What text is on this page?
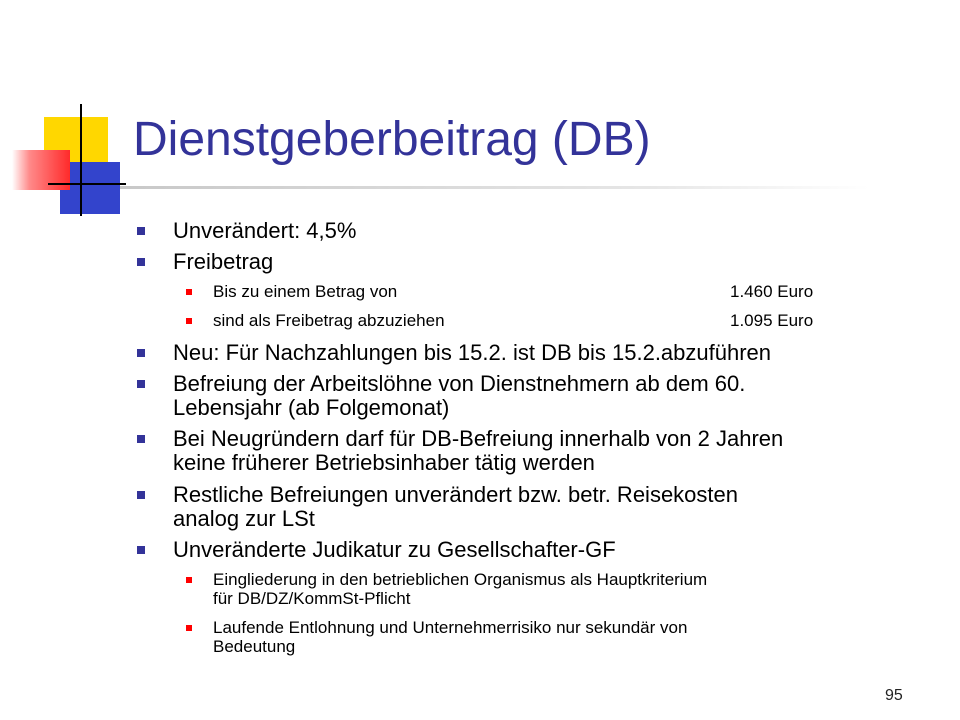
Dienstgeberbeitrag (DB)
Unverändert: 4,5%
Freibetrag
Bis zu einem Betrag von	1.460 Euro
sind als Freibetrag abzuziehen	1.095 Euro
Neu: Für Nachzahlungen bis 15.2. ist DB bis 15.2.abzuführen
Befreiung der Arbeitslöhne von Dienstnehmern ab dem 60.
Lebensjahr (ab Folgemonat)
Bei Neugründern darf für DB-Befreiung innerhalb von 2 Jahren
keine früherer Betriebsinhaber tätig werden
Restliche Befreiungen unverändert bzw. betr. Reisekosten
analog zur LSt
Unveränderte Judikatur zu Gesellschafter-GF
Eingliederung in den betrieblichen Organismus als Hauptkriterium
für DB/DZ/KommSt-Pflicht
Laufende Entlohnung und Unternehmerrisiko nur sekundär von
Bedeutung
95
